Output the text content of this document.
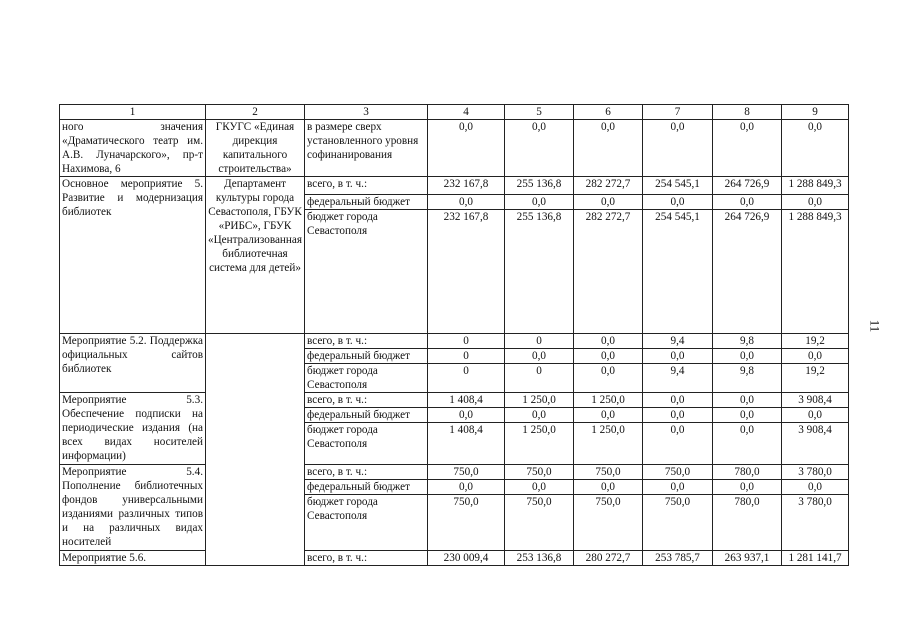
1	2	3	4	5	6	7	8	9
ного значения «Драматического театр им. А.В. Луначарского», пр-т Нахимова, 6	ГКУГС «Единая дирекция капитального строительства»	в размере сверх установленного уровня софинанирования	0,0	0,0	0,0	0,0	0,0	0,0
Основное мероприятие 5. Развитие и модернизация библиотек	Департамент культуры города Севастополя, ГБУК «РИБС», ГБУК «Централизованная библиотечная система для детей»	всего, в т. ч.:	232 167,8	255 136,8	282 272,7	254 545,1	264 726,9	1 288 849,3
		федеральный бюджет	0,0	0,0	0,0	0,0	0,0	0,0
		бюджет города Севастополя	232 167,8	255 136,8	282 272,7	254 545,1	264 726,9	1 288 849,3
Мероприятие 5.2. Поддержка официальных сайтов библиотек		всего, в т. ч.:	0	0	0,0	9,4	9,8	19,2
		федеральный бюджет	0	0,0	0,0	0,0	0,0	0,0
		бюджет города Севастополя	0	0	0,0	9,4	9,8	19,2
Мероприятие 5.3. Обеспечение подписки на периодические издания (на всех видах носителей информации)		всего, в т. ч.:	1 408,4	1 250,0	1 250,0	0,0	0,0	3 908,4
		федеральный бюджет	0,0	0,0	0,0	0,0	0,0	0,0
		бюджет города Севастополя	1 408,4	1 250,0	1 250,0	0,0	0,0	3 908,4
Мероприятие 5.4. Пополнение библиотечных фондов универсальными изданиями различных типов и на различных видах носителей		всего, в т. ч.:	750,0	750,0	750,0	750,0	780,0	3 780,0
		федеральный бюджет	0,0	0,0	0,0	0,0	0,0	0,0
		бюджет города Севастополя	750,0	750,0	750,0	750,0	780,0	3 780,0
Мероприятие 5.6.		всего, в т. ч.:	230 009,4	253 136,8	280 272,7	253 785,7	263 937,1	1 281 141,7
11
